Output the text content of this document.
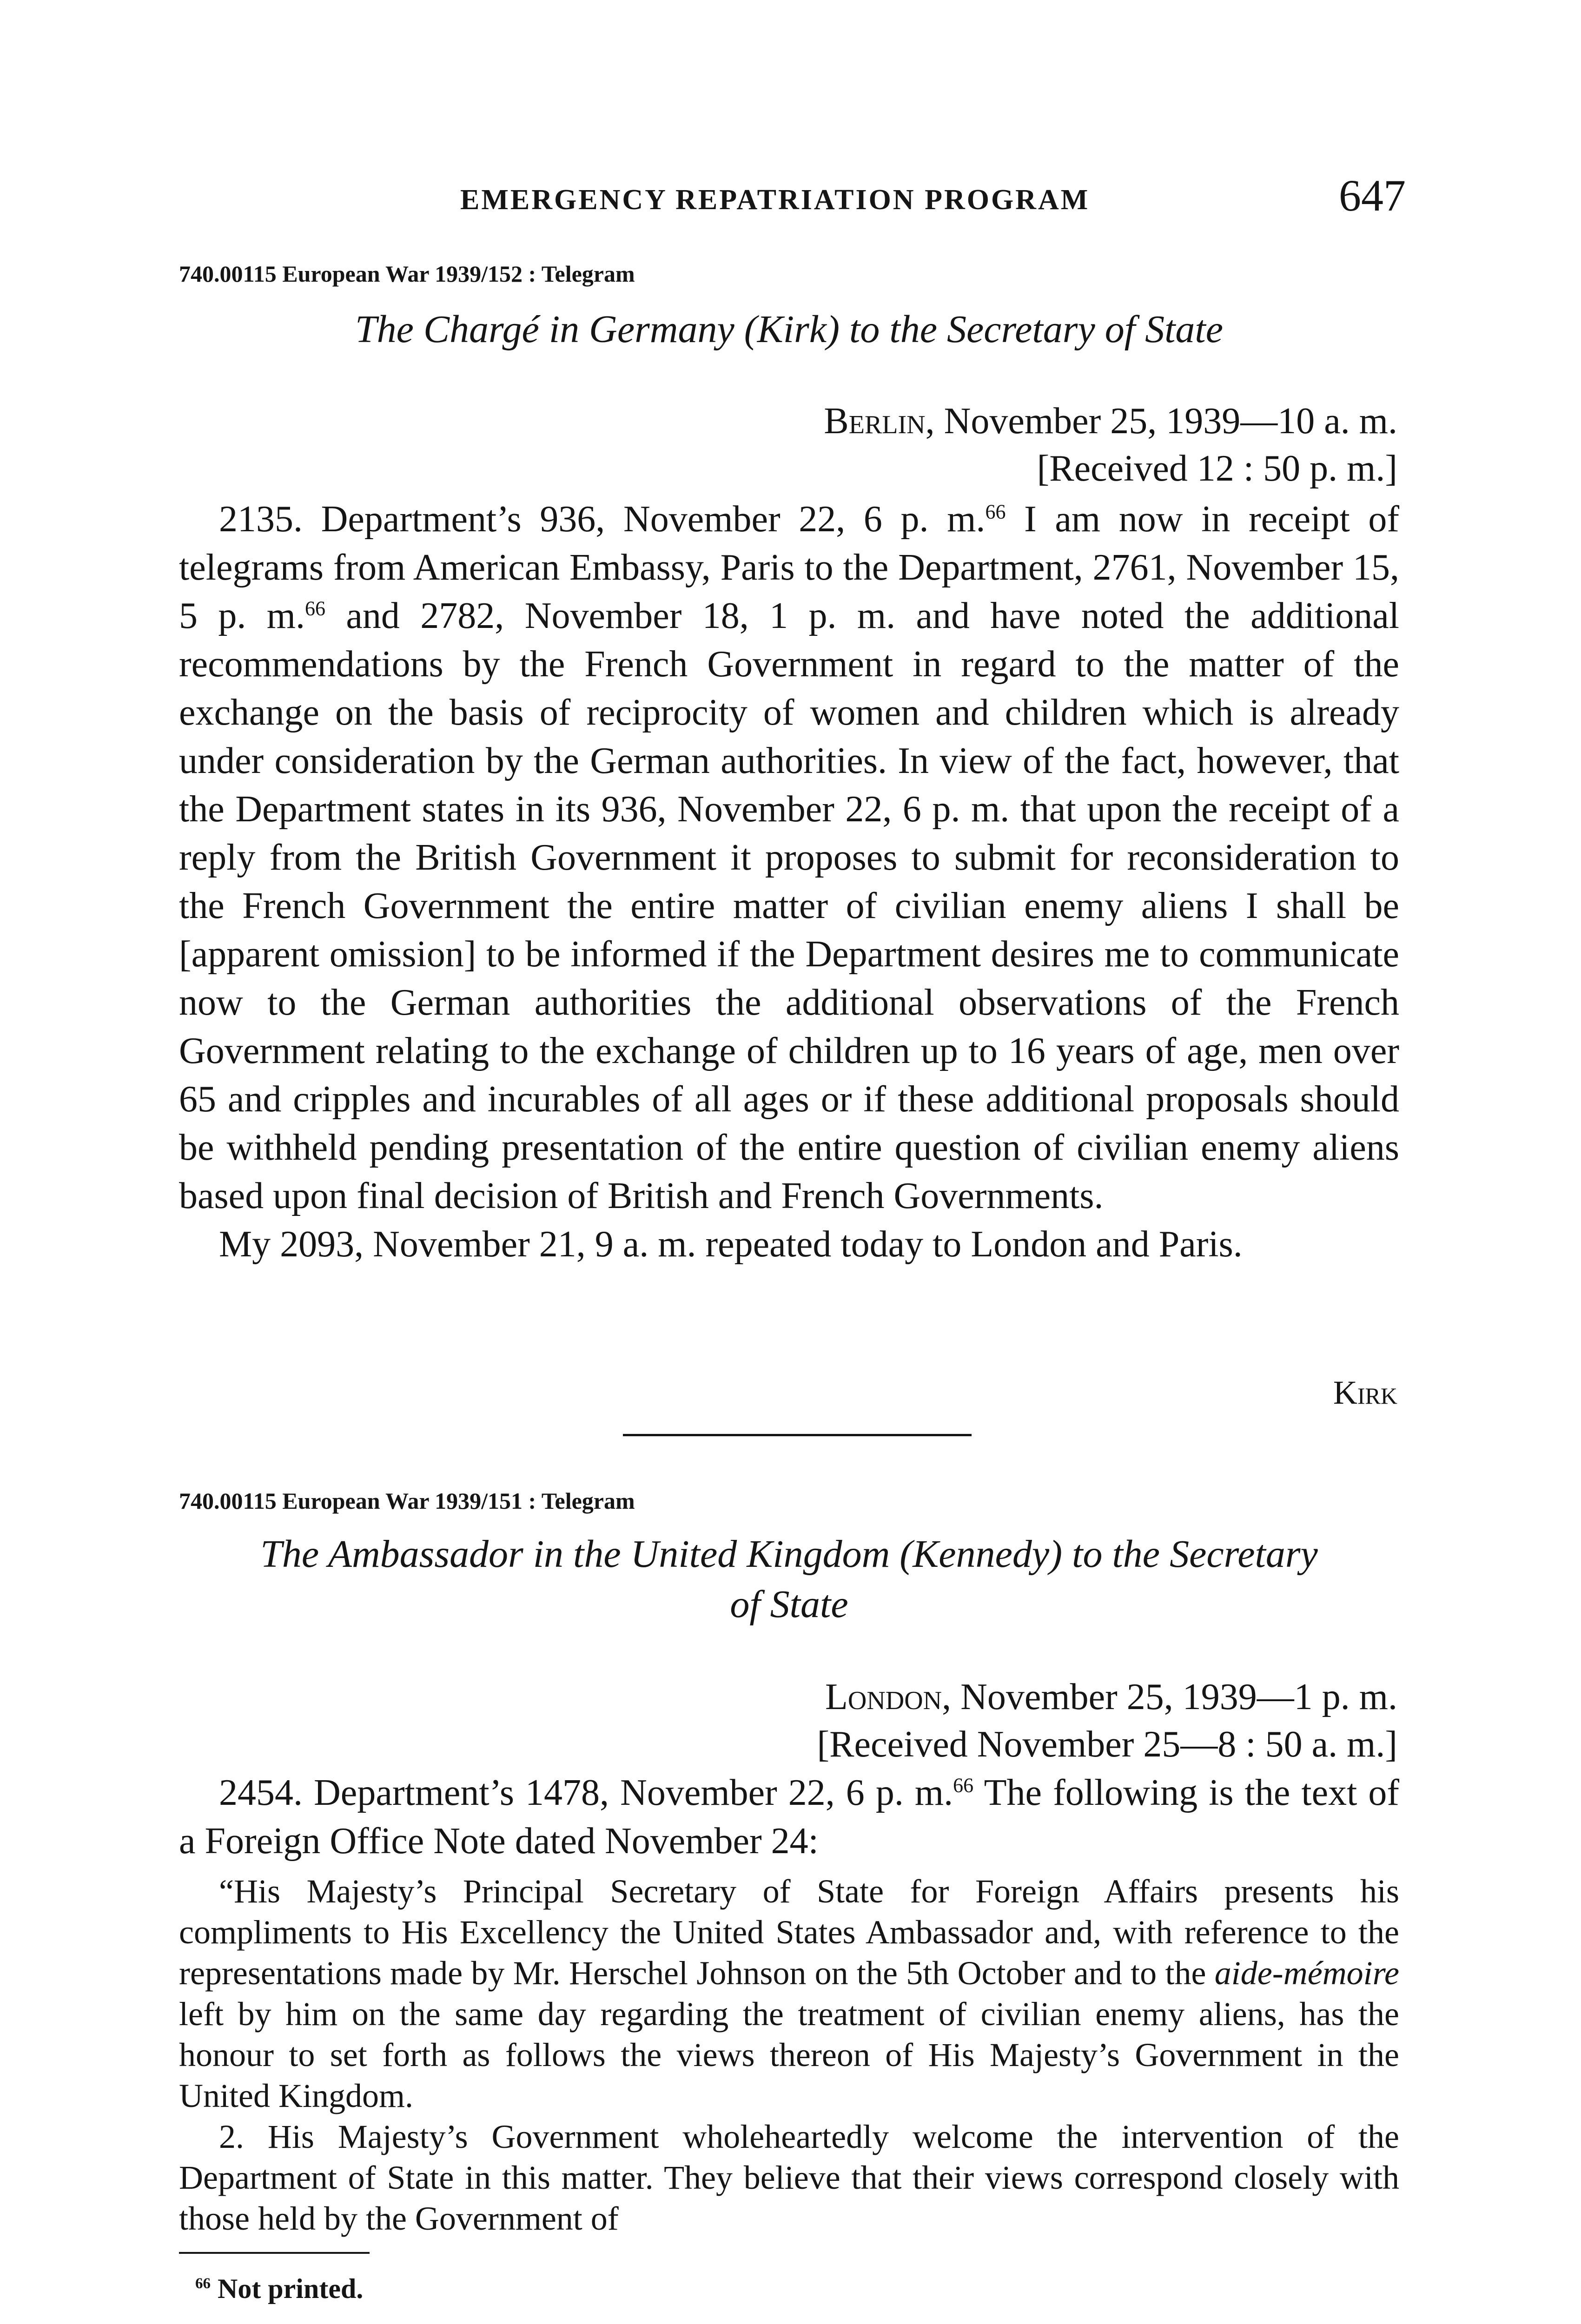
EMERGENCY REPATRIATION PROGRAM	647
740.00115 European War 1939/152 : Telegram
The Chargé in Germany (Kirk) to the Secretary of State
Berlin, November 25, 1939—10 a. m.
[Received 12 : 50 p. m.]

2135. Department’s 936, November 22, 6 p. m.$^{66}$ I am now in receipt of telegrams from American Embassy, Paris to the Department, 2761, November 15, 5 p. m.$^{66}$ and 2782, November 18, 1 p. m. and have noted the additional recommendations by the French Government in regard to the matter of the exchange on the basis of reciprocity of women and children which is already under consideration by the German authorities. In view of the fact, however, that the Department states in its 936, November 22, 6 p. m. that upon the receipt of a reply from the British Government it proposes to submit for reconsideration to the French Government the entire matter of civilian enemy aliens I shall be [apparent omission] to be informed if the Department desires me to communicate now to the German authorities the additional observations of the French Government relating to the exchange of children up to 16 years of age, men over 65 and cripples and incurables of all ages or if these additional proposals should be withheld pending presentation of the entire question of civilian enemy aliens based upon final decision of British and French Governments.

My 2093, November 21, 9 a. m. repeated today to London and Paris.

Kirk
740.00115 European War 1939/151 : Telegram
The Ambassador in the United Kingdom (Kennedy) to the Secretary
of State
London, November 25, 1939—1 p. m.
[Received November 25—8 : 50 a. m.]

2454. Department’s 1478, November 22, 6 p. m.$^{66}$ The following is the text of a Foreign Office Note dated November 24:

“His Majesty’s Principal Secretary of State for Foreign Affairs presents his compliments to His Excellency the United States Ambassador and, with reference to the representations made by Mr. Herschel Johnson on the 5th October and to the aide-mémoire left by him on the same day regarding the treatment of civilian enemy aliens, has the honour to set forth as follows the views thereon of His Majesty’s Government in the United Kingdom.

2. His Majesty’s Government wholeheartedly welcome the intervention of the Department of State in this matter. They believe that their views correspond closely with those held by the Government of

$^{66}$ Not printed.
